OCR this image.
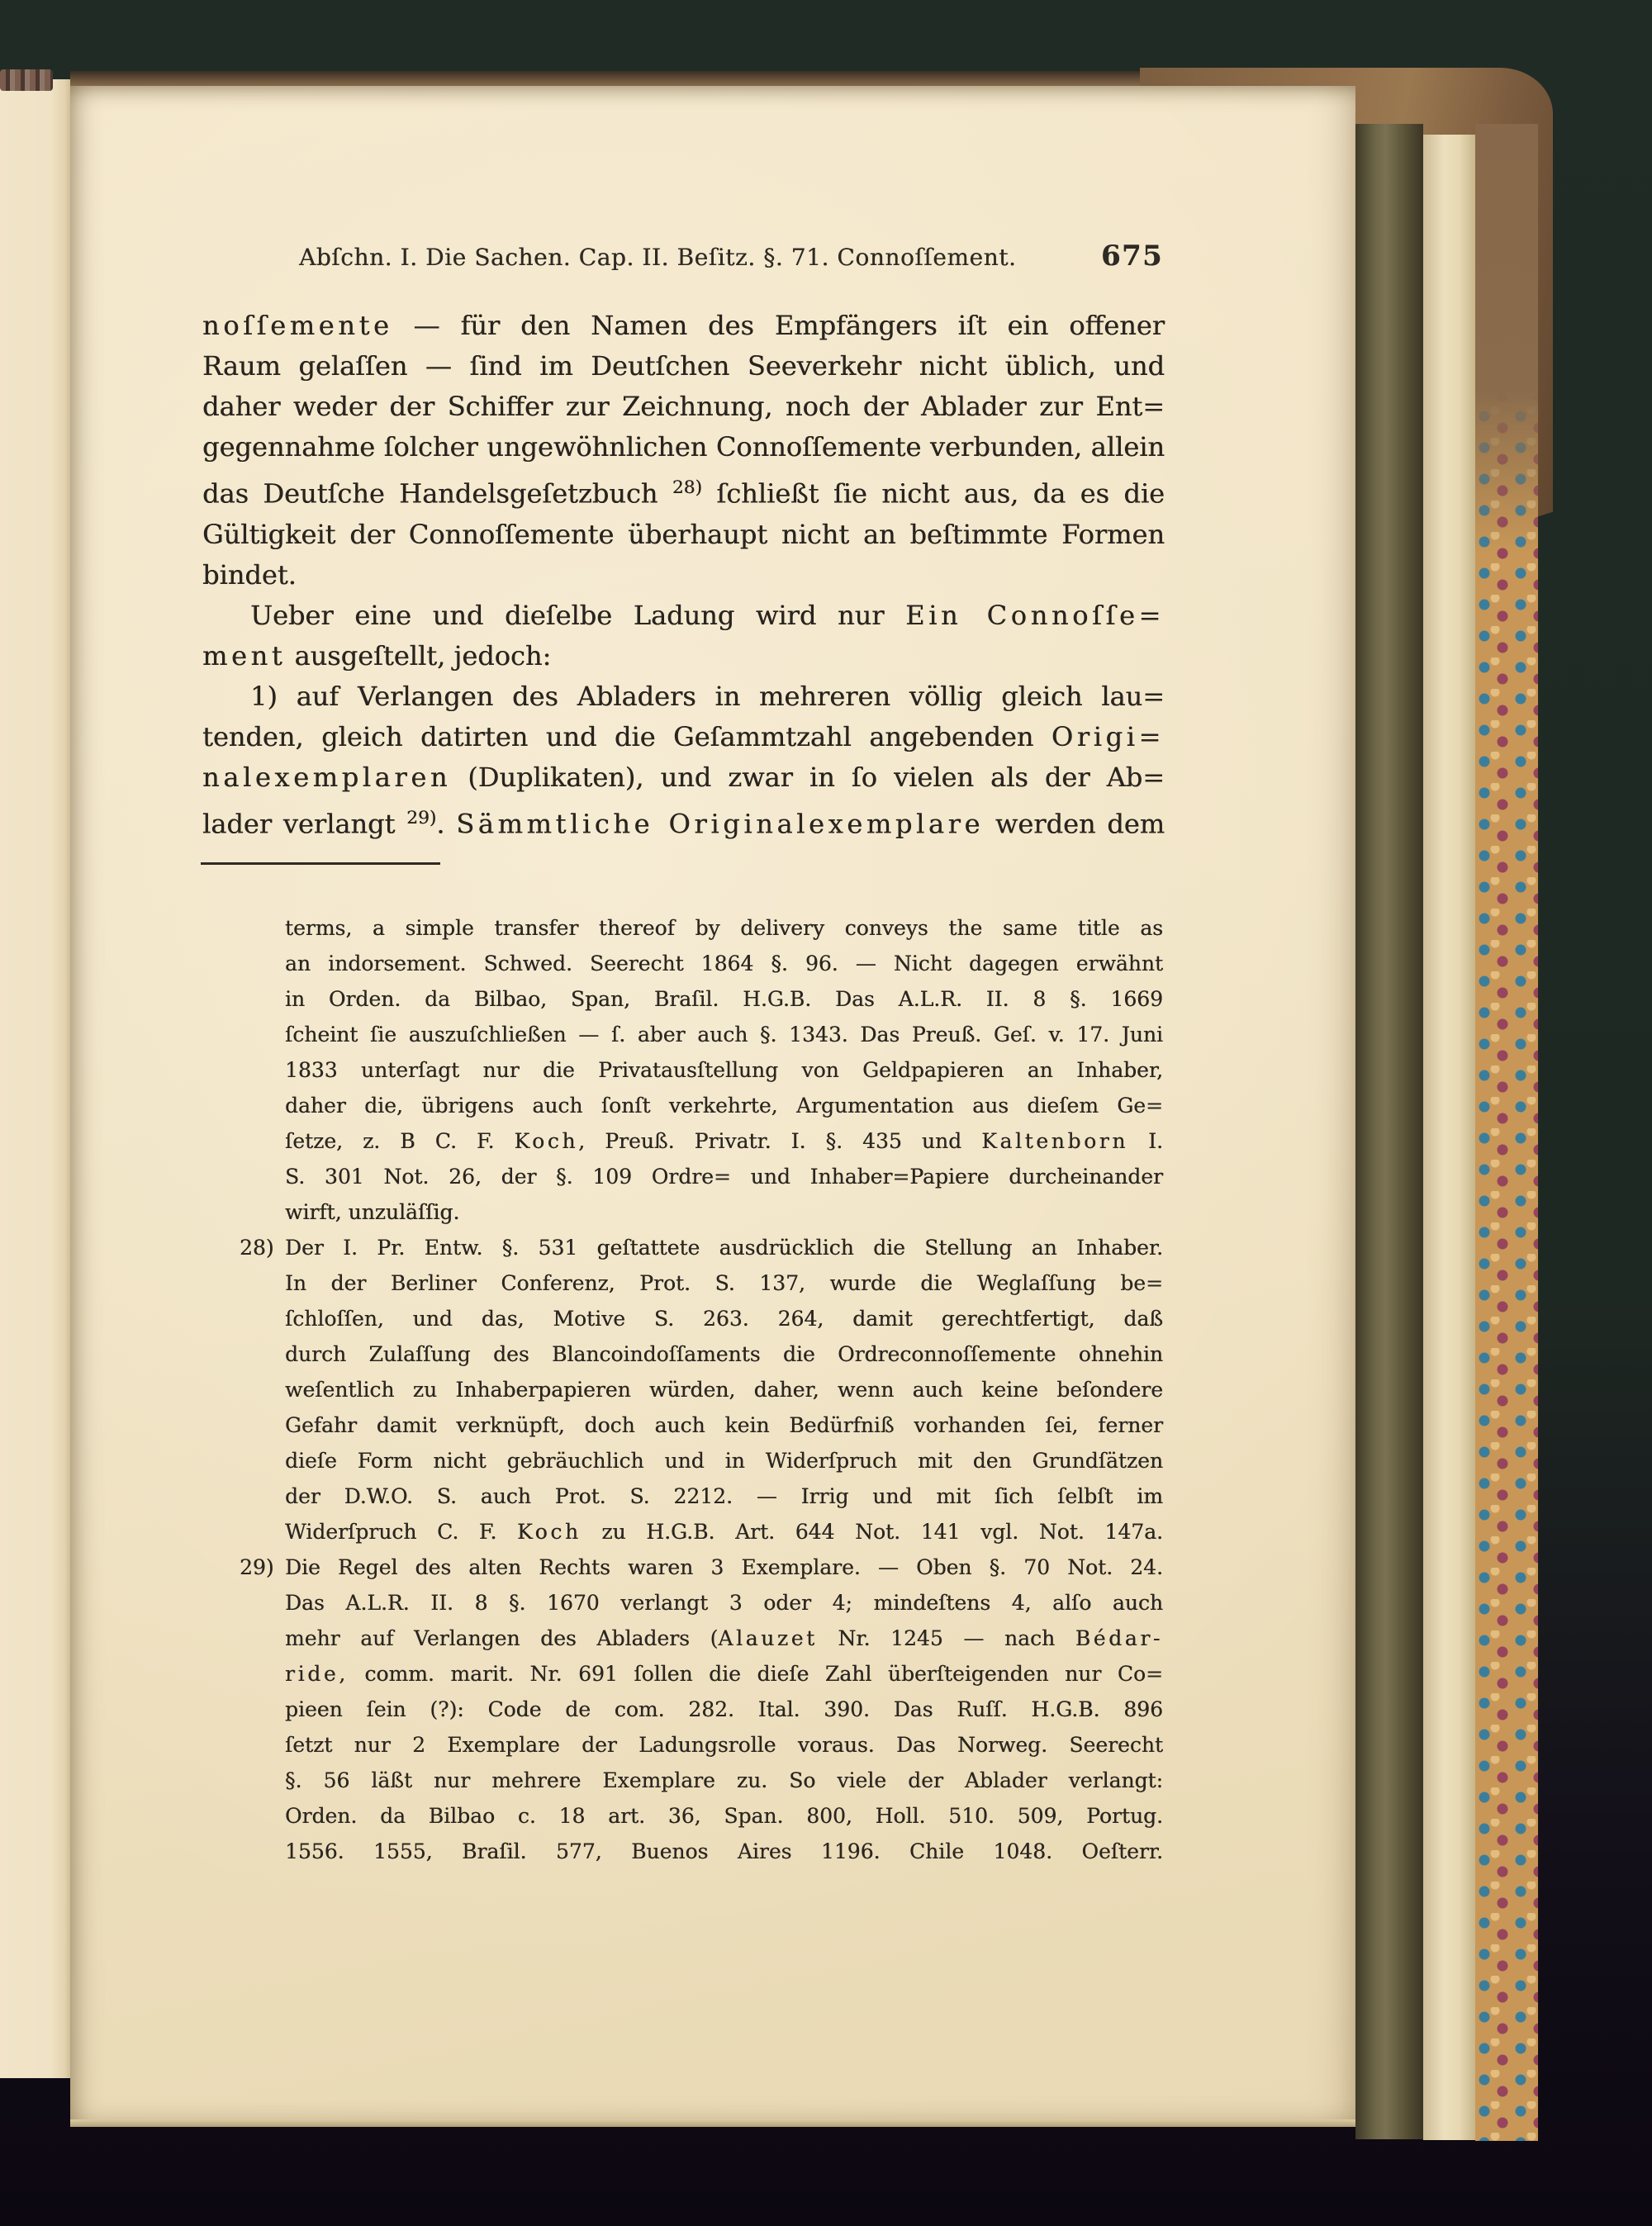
Abſchn. I. Die Sachen. Cap. II. Beſitz. §. 71. Connoſſement.	675
noſſemente — für den Namen des Empfängers iſt ein offener
Raum gelaſſen — ſind im Deutſchen Seeverkehr nicht üblich, und
daher weder der Schiffer zur Zeichnung, noch der Ablader zur Ent=
gegennahme ſolcher ungewöhnlichen Connoſſemente verbunden, allein
das Deutſche Handelsgeſetzbuch $^{28)}$ ſchließt ſie nicht aus, da es die
Gültigkeit der Connoſſemente überhaupt nicht an beſtimmte Formen
bindet.
Ueber eine und dieſelbe Ladung wird nur Ein Connoſſe=
ment ausgeſtellt, jedoch:
1) auf Verlangen des Abladers in mehreren völlig gleich lau=
tenden, gleich datirten und die Geſammtzahl angebenden Origi=
nalexemplaren (Duplikaten), und zwar in ſo vielen als der Ab=
lader verlangt $^{29)}$. Sämmtliche Originalexemplare werden dem
terms, a simple transfer thereof by delivery conveys the same title as
an indorsement. Schwed. Seerecht 1864 §. 96. — Nicht dagegen erwähnt
in Orden. da Bilbao, Span, Braſil. H.G.B. Das A.L.R. II. 8 §. 1669
ſcheint ſie auszuſchließen — ſ. aber auch §. 1343. Das Preuß. Geſ. v. 17. Juni
1833 unterſagt nur die Privatausſtellung von Geldpapieren an Inhaber,
daher die, übrigens auch ſonſt verkehrte, Argumentation aus dieſem Ge=
ſetze, z. B C. F. Koch, Preuß. Privatr. I. §. 435 und Kaltenborn I.
S. 301 Not. 26, der §. 109 Ordre= und Inhaber=Papiere durcheinander
wirft, unzuläſſig.
28) Der I. Pr. Entw. §. 531 geſtattete ausdrücklich die Stellung an Inhaber.
In der Berliner Conferenz, Prot. S. 137, wurde die Weglaſſung be=
ſchloſſen, und das, Motive S. 263. 264, damit gerechtfertigt, daß
durch Zulaſſung des Blancoindoſſaments die Ordreconnoſſemente ohnehin
weſentlich zu Inhaberpapieren würden, daher, wenn auch keine beſondere
Gefahr damit verknüpft, doch auch kein Bedürfniß vorhanden ſei, ferner
dieſe Form nicht gebräuchlich und in Widerſpruch mit den Grundſätzen
der D.W.O. S. auch Prot. S. 2212. — Irrig und mit ſich ſelbſt im
Widerſpruch C. F. Koch zu H.G.B. Art. 644 Not. 141 vgl. Not. 147a.
29) Die Regel des alten Rechts waren 3 Exemplare. — Oben §. 70 Not. 24.
Das A.L.R. II. 8 §. 1670 verlangt 3 oder 4; mindeſtens 4, alſo auch
mehr auf Verlangen des Abladers (Alauzet Nr. 1245 — nach Bédar-
ride, comm. marit. Nr. 691 ſollen die dieſe Zahl überſteigenden nur Co=
pieen ſein (?): Code de com. 282. Ital. 390. Das Ruſſ. H.G.B. 896
ſetzt nur 2 Exemplare der Ladungsrolle voraus. Das Norweg. Seerecht
§. 56 läßt nur mehrere Exemplare zu. So viele der Ablader verlangt:
Orden. da Bilbao c. 18 art. 36, Span. 800, Holl. 510. 509, Portug.
1556. 1555, Braſil. 577, Buenos Aires 1196. Chile 1048. Oeſterr.
